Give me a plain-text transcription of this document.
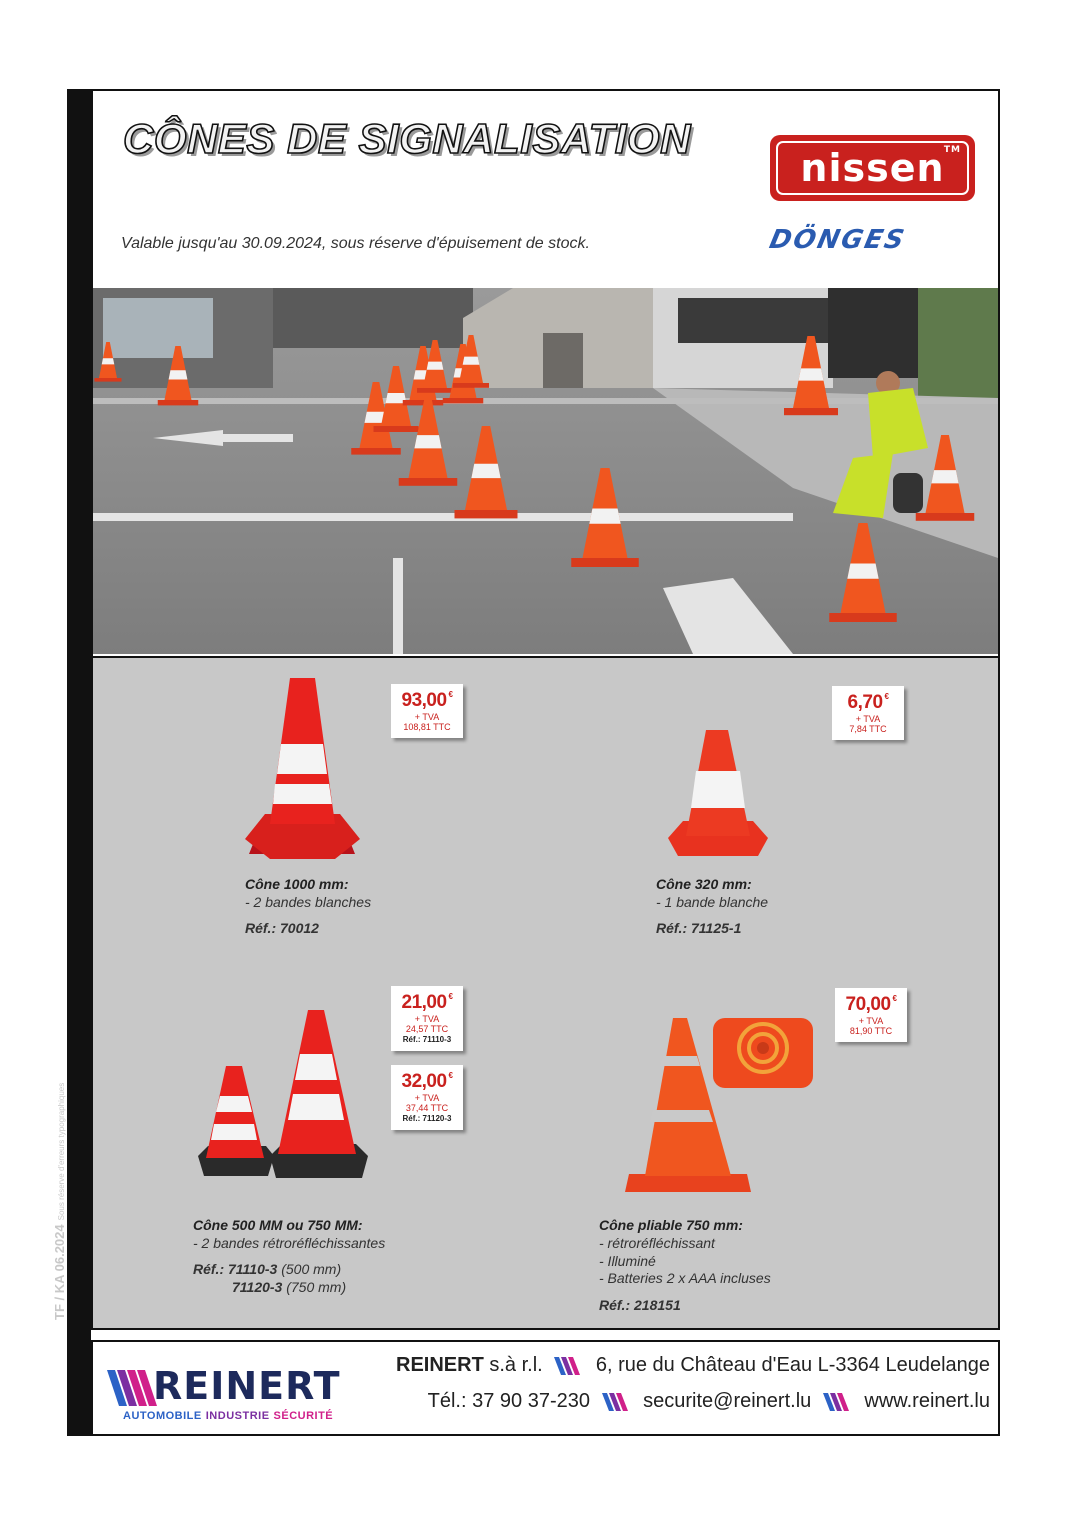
TF / KA 06.2024Sous réserve d'erreurs typographiques
CÔNES DE SIGNALISATION
Valable jusqu'au 30.09.2024, sous réserve d'épuisement de stock.
nissen TM
DÖNGES
93,00 €
+ TVA
108,81 TTC
Cône 1000 mm:
- 2 bandes blanches
Réf.: 70012
6,70 €
+ TVA
7,84 TTC
Cône 320 mm:
- 1 bande blanche
Réf.: 71125-1
21,00 €
+ TVA
24,57 TTC
Réf.: 71110-3
32,00 €
+ TVA
37,44 TTC
Réf.: 71120-3
Cône 500 MM ou 750 MM:
- 2 bandes rétroréfléchissantes
Réf.: 71110-3 (500 mm)
71120-3 (750 mm)
70,00 €
+ TVA
81,90 TTC
Cône pliable 750 mm:
- rétroréfléchissant
- Illuminé
- Batteries 2 x AAA incluses
Réf.: 218151
REINERT
AUTOMOBILE INDUSTRIE SÉCURITÉ
REINERT s.à r.l.	6, rue du Château d'Eau L-3364 Leudelange
Tél.: 37 90 37-230	securite@reinert.lu	www.reinert.lu
